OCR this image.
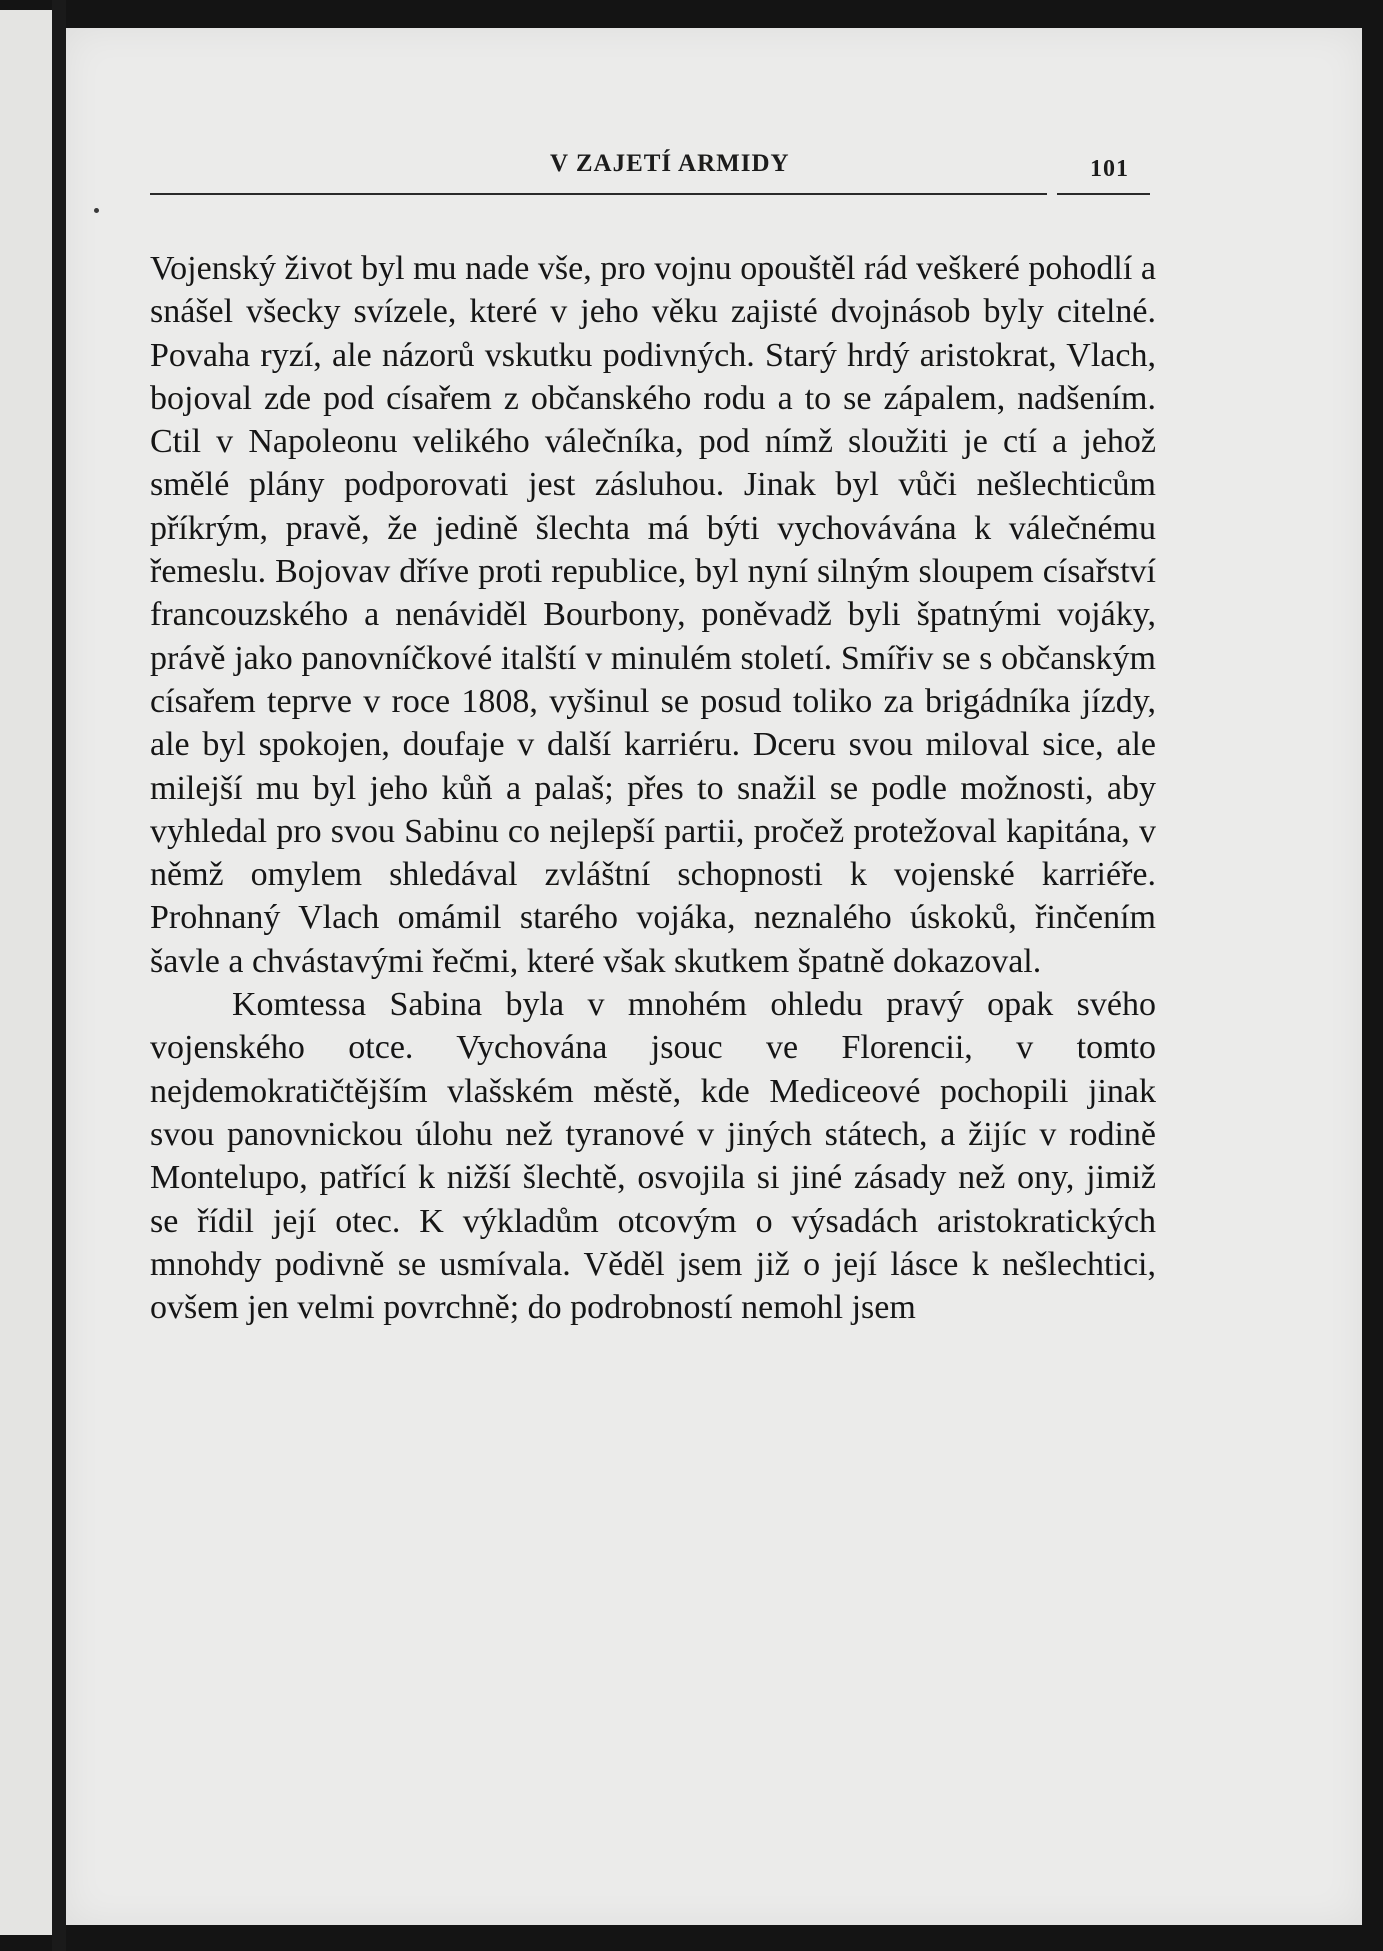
V ZAJETÍ ARMIDY	101

Vojenský život byl mu nade vše, pro vojnu opouštěl rád veškeré pohodlí a snášel všecky svízele, které v jeho věku zajisté dvojnásob byly citelné. Povaha ryzí, ale názorů vskutku podivných. Starý hrdý aristokrat, Vlach, bojoval zde pod císařem z občanského rodu a to se zápalem, nadšením. Ctil v Napoleonu velikého válečníka, pod nímž sloužiti je ctí a jehož smělé plány podporovati jest zásluhou. Jinak byl vůči nešlechticům příkrým, pravě, že jedině šlechta má býti vychovávána k válečnému řemeslu. Bojovav dříve proti republice, byl nyní silným sloupem císařství francouzského a nenáviděl Bourbony, poněvadž byli špatnými vojáky, právě jako panovníčkové italští v minulém století. Smířiv se s občanským císařem teprve v roce 1808, vyšinul se posud toliko za brigádníka jízdy, ale byl spokojen, doufaje v další karriéru. Dceru svou miloval sice, ale milejší mu byl jeho kůň a palaš; přes to snažil se podle možnosti, aby vyhledal pro svou Sabinu co nejlepší partii, pročež protežoval kapitána, v němž omylem shledával zvláštní schopnosti k vojenské karriéře. Prohnaný Vlach omámil starého vojáka, neznalého úskoků, řinčením šavle a chvástavými řečmi, které však skutkem špatně dokazoval.

Komtessa Sabina byla v mnohém ohledu pravý opak svého vojenského otce. Vychována jsouc ve Florencii, v tomto nejdemokratičtějším vlašském městě, kde Mediceové pochopili jinak svou panovnickou úlohu než tyranové v jiných státech, a žijíc v rodině Montelupo, patřící k nižší šlechtě, osvojila si jiné zásady než ony, jimiž se řídil její otec. K výkladům otcovým o výsadách aristokratických mnohdy podivně se usmívala. Věděl jsem již o její lásce k nešlechtici, ovšem jen velmi povrchně; do podrobností nemohl jsem
